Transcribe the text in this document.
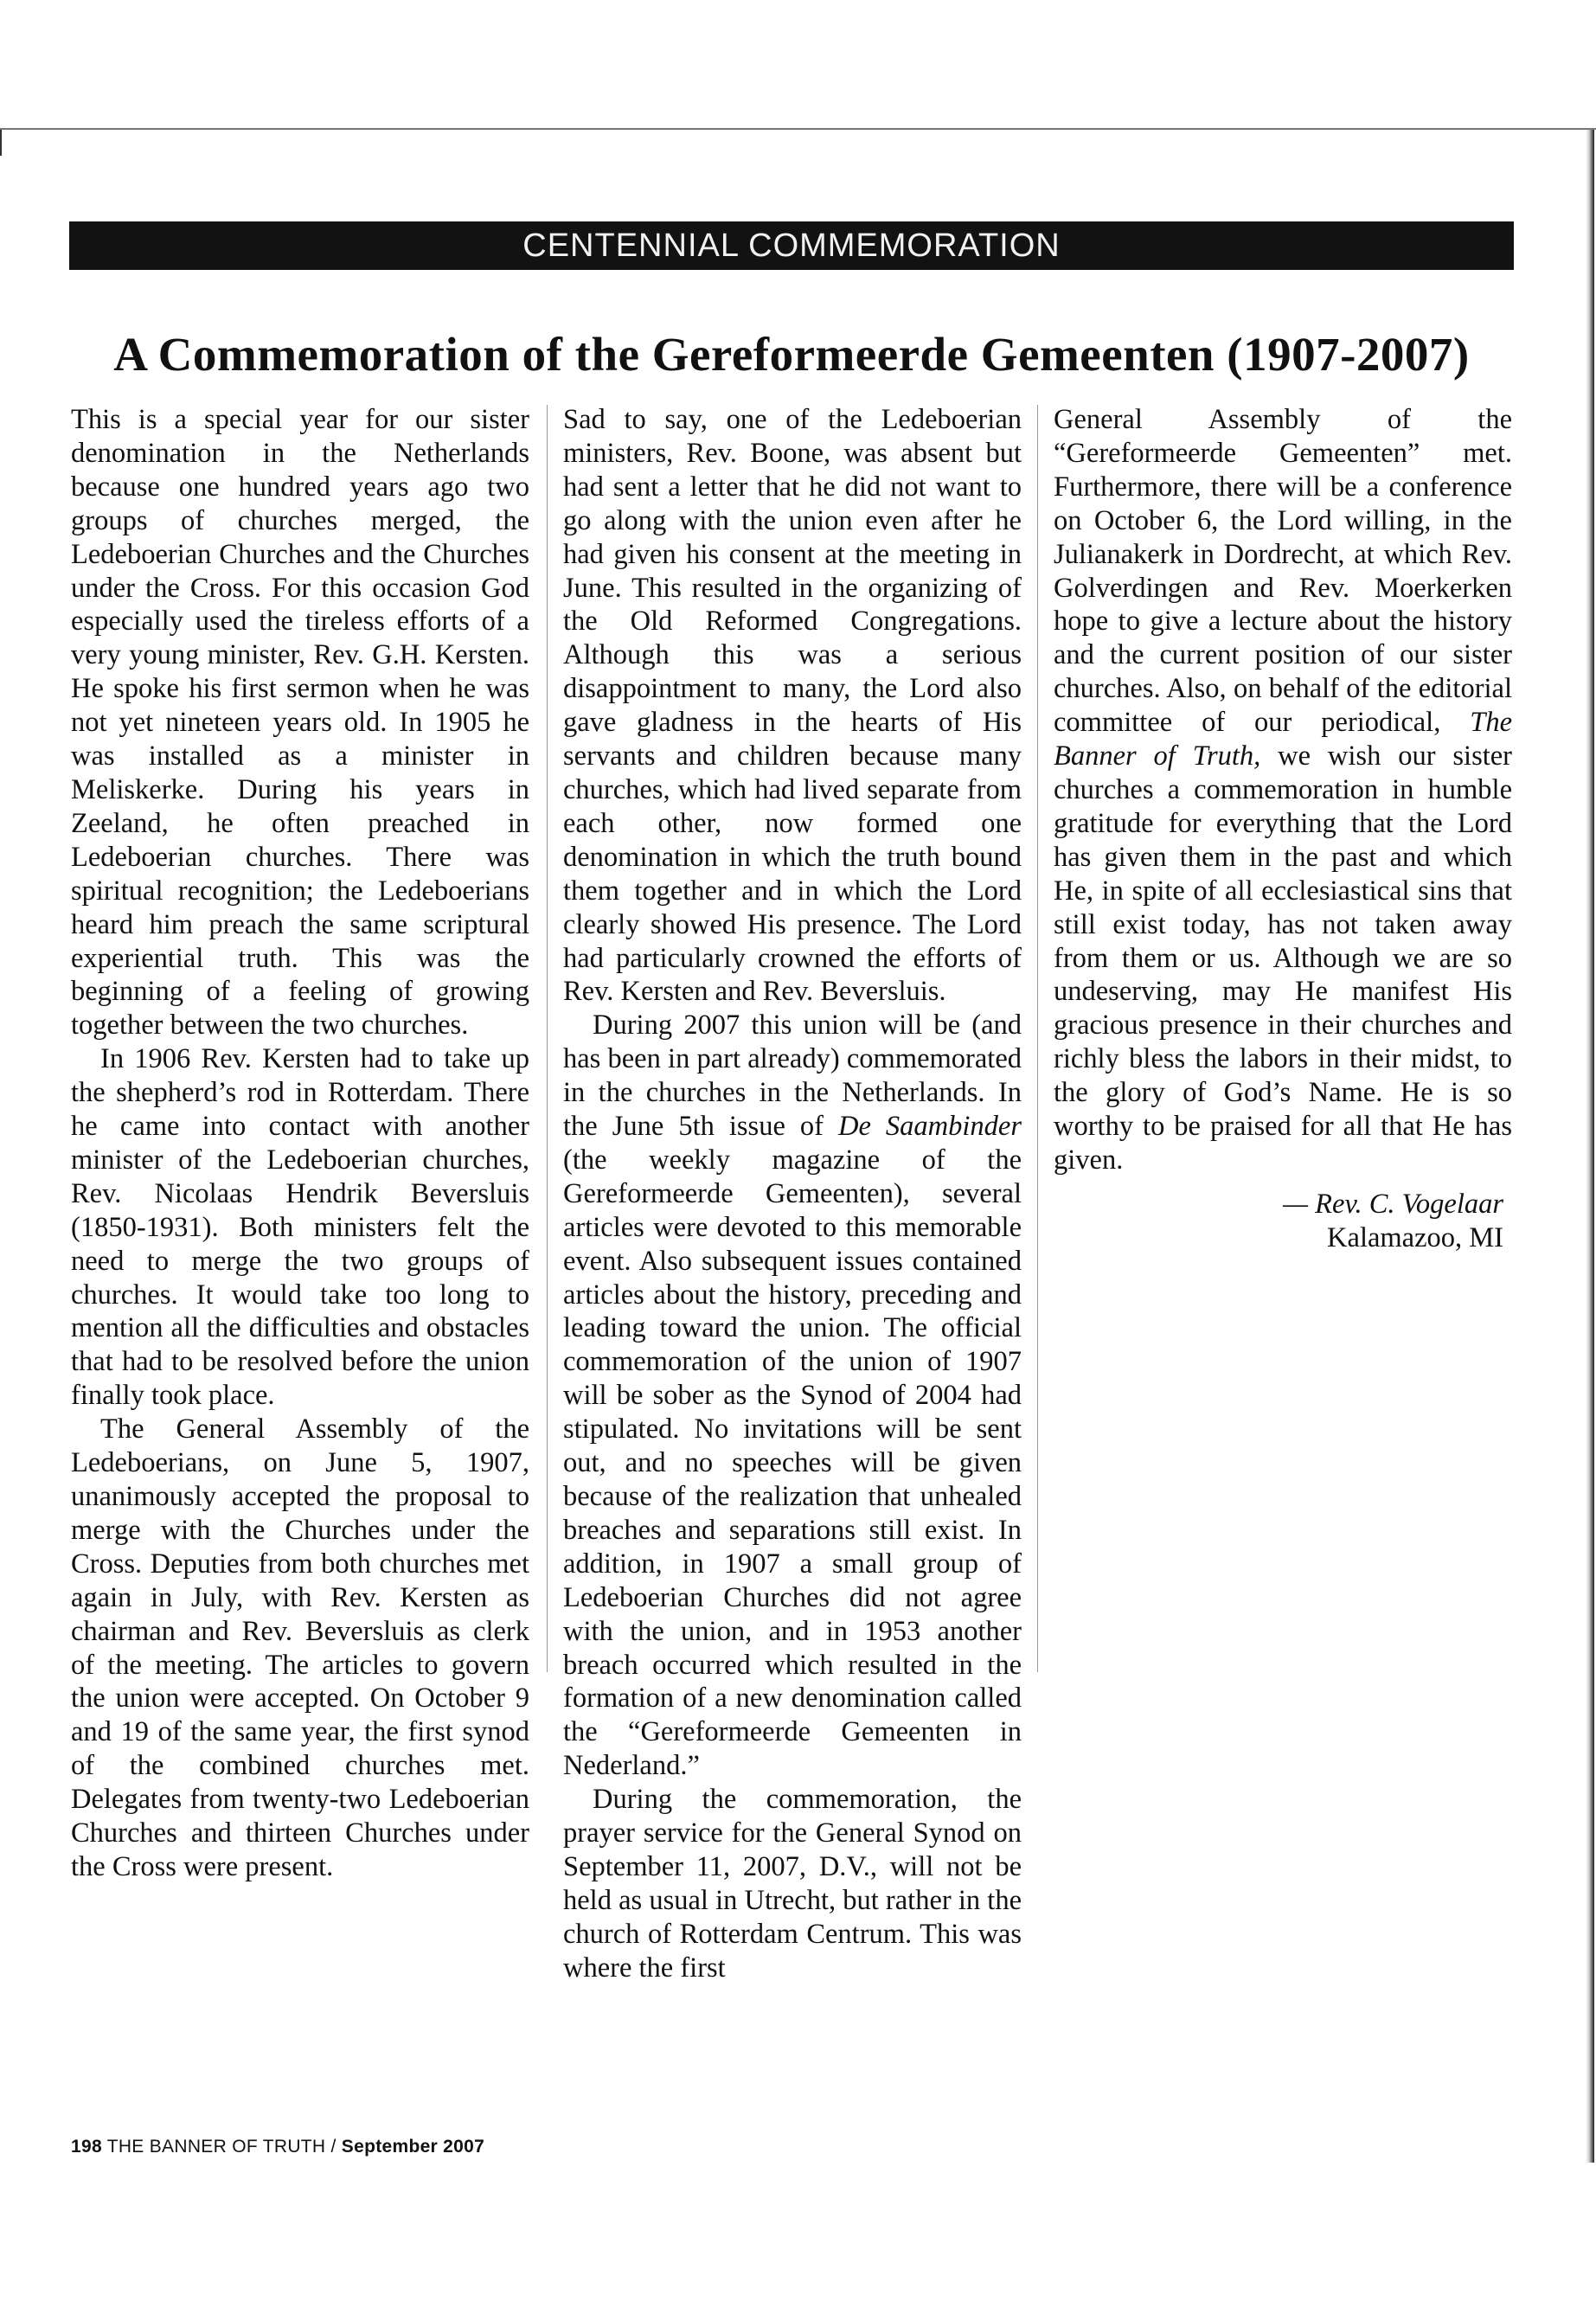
CENTENNIAL COMMEMORATION
A Commemoration of the Gereformeerde Gemeenten (1907-2007)

This is a special year for our sister denomination in the Netherlands because one hundred years ago two groups of churches merged, the Ledeboerian Churches and the Churches under the Cross. For this occasion God especially used the tireless efforts of a very young minister, Rev. G.H. Kersten. He spoke his first sermon when he was not yet nineteen years old. In 1905 he was installed as a minister in Meliskerke. During his years in Zeeland, he often preached in Ledeboerian churches. There was spiritual recognition; the Ledeboerians heard him preach the same scriptural experiential truth. This was the beginning of a feeling of growing together between the two churches.

In 1906 Rev. Kersten had to take up the shepherd’s rod in Rotterdam. There he came into contact with another minister of the Ledeboerian churches, Rev. Nicolaas Hendrik Beversluis (1850-1931). Both ministers felt the need to merge the two groups of churches. It would take too long to mention all the difficulties and obstacles that had to be resolved before the union finally took place.

The General Assembly of the Ledeboerians, on June 5, 1907, unanimously accepted the proposal to merge with the Churches under the Cross. Deputies from both churches met again in July, with Rev. Kersten as chairman and Rev. Beversluis as clerk of the meeting. The articles to govern the union were accepted. On October 9 and 19 of the same year, the first synod of the combined churches met. Delegates from twenty-two Ledeboerian Churches and thirteen Churches under the Cross were present.

Sad to say, one of the Ledeboerian ministers, Rev. Boone, was absent but had sent a letter that he did not want to go along with the union even after he had given his consent at the meeting in June. This resulted in the organizing of the Old Reformed Congregations. Although this was a serious disappointment to many, the Lord also gave gladness in the hearts of His servants and children because many churches, which had lived separate from each other, now formed one denomination in which the truth bound them together and in which the Lord clearly showed His presence. The Lord had particularly crowned the efforts of Rev. Kersten and Rev. Beversluis.

During 2007 this union will be (and has been in part already) commemorated in the churches in the Netherlands. In the June 5th issue of De Saambinder (the weekly magazine of the Gereformeerde Gemeenten), several articles were devoted to this memorable event. Also subsequent issues contained articles about the history, preceding and leading toward the union. The official commemoration of the union of 1907 will be sober as the Synod of 2004 had stipulated. No invitations will be sent out, and no speeches will be given because of the realization that unhealed breaches and separations still exist. In addition, in 1907 a small group of Ledeboerian Churches did not agree with the union, and in 1953 another breach occurred which resulted in the formation of a new denomination called the “Gereformeerde Gemeenten in Nederland.”

During the commemoration, the prayer service for the General Synod on September 11, 2007, D.V., will not be held as usual in Utrecht, but rather in the church of Rotterdam Centrum. This was where the first

General Assembly of the “Gereformeerde Gemeenten” met. Furthermore, there will be a conference on October 6, the Lord willing, in the Julianakerk in Dordrecht, at which Rev. Golverdingen and Rev. Moerkerken hope to give a lecture about the history and the current position of our sister churches. Also, on behalf of the editorial committee of our periodical, The Banner of Truth, we wish our sister churches a commemoration in humble gratitude for everything that the Lord has given them in the past and which He, in spite of all ecclesiastical sins that still exist today, has not taken away from them or us. Although we are so undeserving, may He manifest His gracious presence in their churches and richly bless the labors in their midst, to the glory of God’s Name. He is so worthy to be praised for all that He has given.

— Rev. C. Vogelaar
Kalamazoo, MI
198 THE BANNER OF TRUTH / September 2007
